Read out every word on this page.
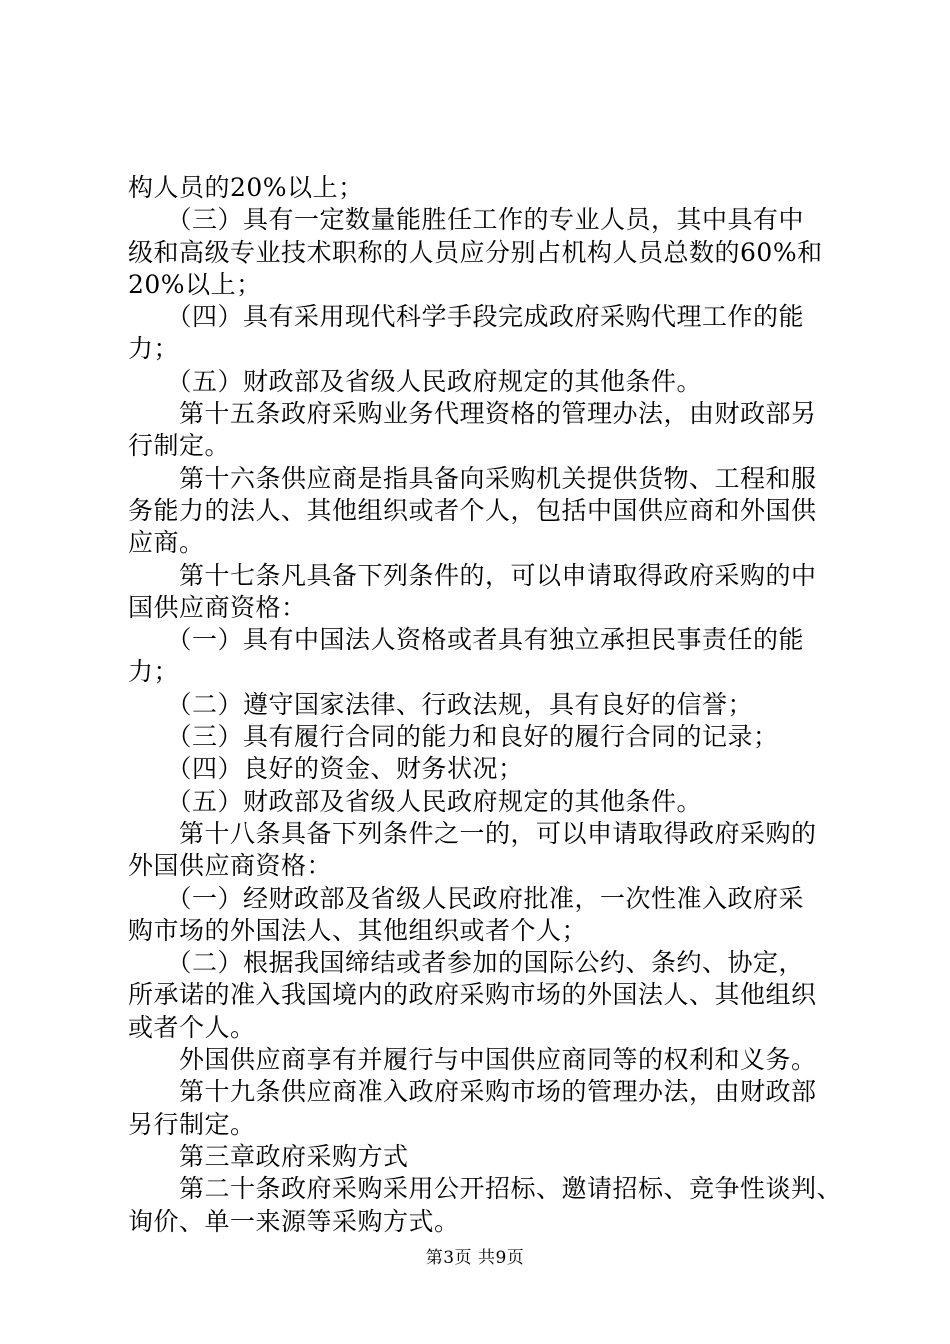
构人员的20%以上；
　　（三）具有一定数量能胜任工作的专业人员，其中具有中
级和高级专业技术职称的人员应分别占机构人员总数的60%和
20%以上；
　　（四）具有采用现代科学手段完成政府采购代理工作的能
力；
　　（五）财政部及省级人民政府规定的其他条件。
　　第十五条政府采购业务代理资格的管理办法，由财政部另
行制定。
　　第十六条供应商是指具备向采购机关提供货物、工程和服
务能力的法人、其他组织或者个人，包括中国供应商和外国供
应商。
　　第十七条凡具备下列条件的，可以申请取得政府采购的中
国供应商资格：
　　（一）具有中国法人资格或者具有独立承担民事责任的能
力；
　　（二）遵守国家法律、行政法规，具有良好的信誉；
　　（三）具有履行合同的能力和良好的履行合同的记录；
　　（四）良好的资金、财务状况；
　　（五）财政部及省级人民政府规定的其他条件。
　　第十八条具备下列条件之一的，可以申请取得政府采购的
外国供应商资格：
　　（一）经财政部及省级人民政府批准，一次性准入政府采
购市场的外国法人、其他组织或者个人；
　　（二）根据我国缔结或者参加的国际公约、条约、协定，
所承诺的准入我国境内的政府采购市场的外国法人、其他组织
或者个人。
　　外国供应商享有并履行与中国供应商同等的权利和义务。
　　第十九条供应商准入政府采购市场的管理办法，由财政部
另行制定。
　　第三章政府采购方式
　　第二十条政府采购采用公开招标、邀请招标、竞争性谈判、
询价、单一来源等采购方式。
第3页 共9页
